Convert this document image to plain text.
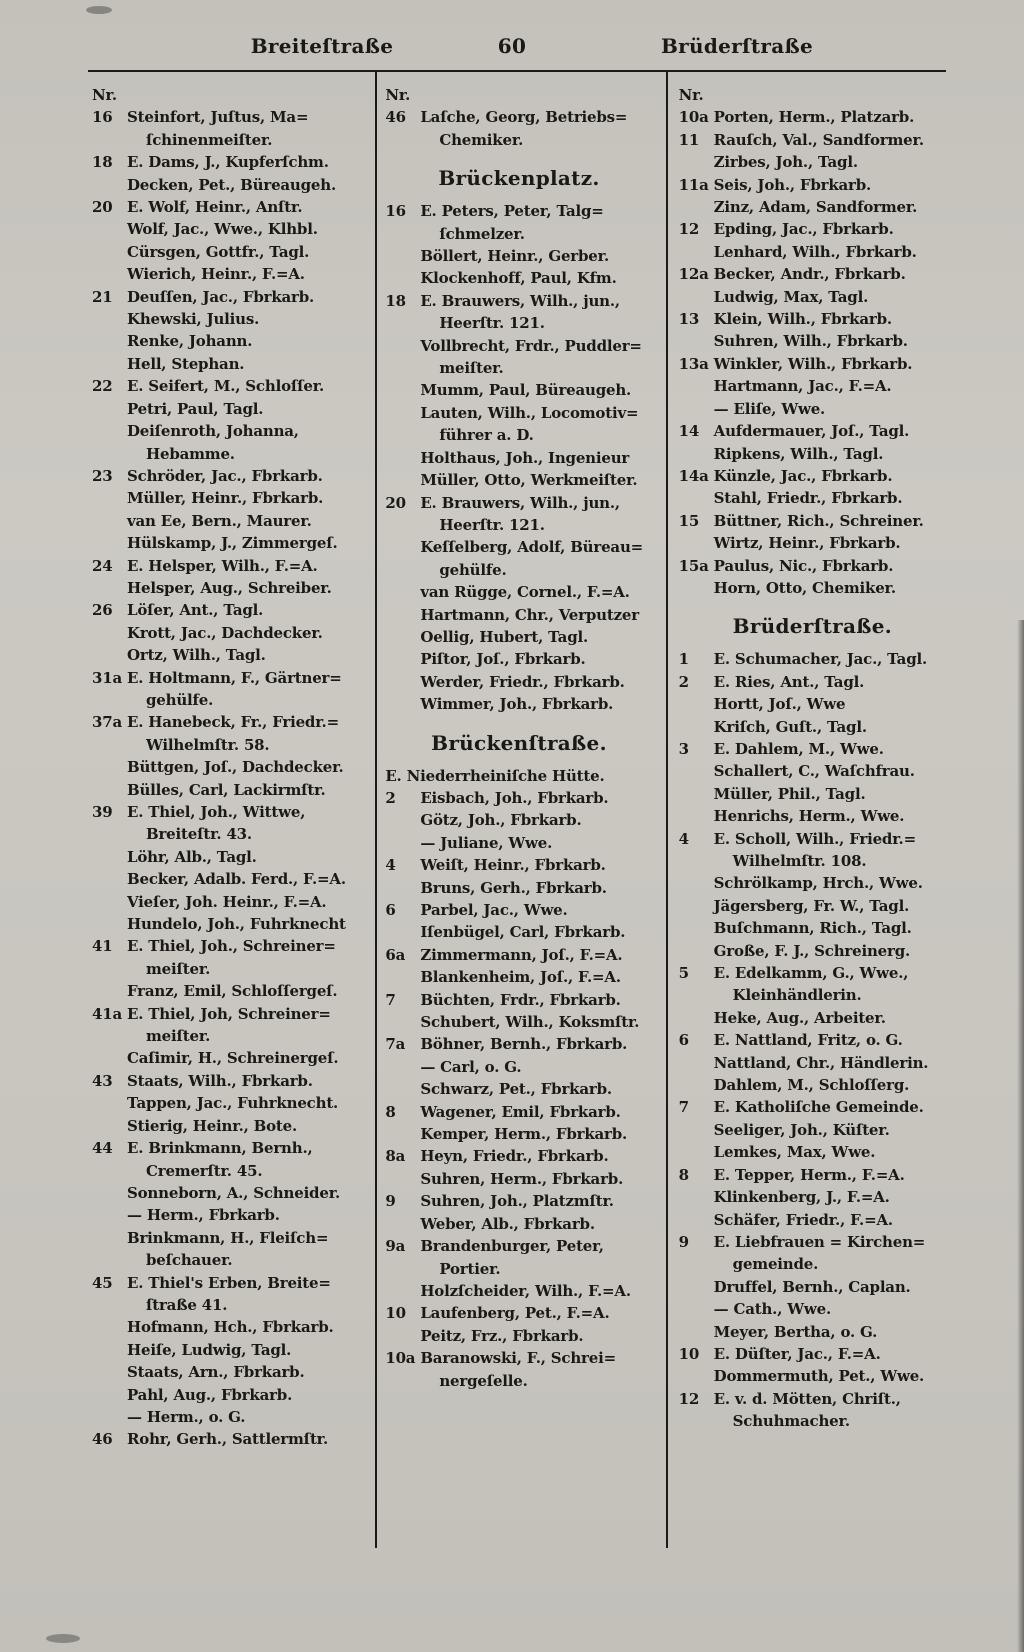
Breiteſtraße	60	Brüderſtraße
Nr.
16 Steinfort, Juſtus, Ma=
ſchinenmeiſter.
18 E. Dams, J., Kupferſchm.
Decken, Pet., Büreaugeh.
20 E. Wolf, Heinr., Anſtr.
Wolf, Jac., Wwe., Klhbl.
Cürsgen, Gottfr., Tagl.
Wierich, Heinr., F.=A.
21 Deuſſen, Jac., Fbrkarb.
Khewski, Julius.
Renke, Johann.
Hell, Stephan.
22 E. Seifert, M., Schloſſer.
Petri, Paul, Tagl.
Deiſenroth, Johanna,
Hebamme.
23 Schröder, Jac., Fbrkarb.
Müller, Heinr., Fbrkarb.
van Ee, Bern., Maurer.
Hülskamp, J., Zimmergeſ.
24 E. Helsper, Wilh., F.=A.
Helsper, Aug., Schreiber.
26 Löſer, Ant., Tagl.
Krott, Jac., Dachdecker.
Ortz, Wilh., Tagl.
31a E. Holtmann, F., Gärtner=
gehülfe.
37a E. Hanebeck, Fr., Friedr.=
Wilhelmſtr. 58.
Büttgen, Joſ., Dachdecker.
Bülles, Carl, Lackirmſtr.
39 E. Thiel, Joh., Wittwe,
Breiteſtr. 43.
Löhr, Alb., Tagl.
Becker, Adalb. Ferd., F.=A.
Vieſer, Joh. Heinr., F.=A.
Hundelo, Joh., Fuhrknecht
41 E. Thiel, Joh., Schreiner=
meiſter.
Franz, Emil, Schloſſergeſ.
41a E. Thiel, Joh, Schreiner=
meiſter.
Caſimir, H., Schreinergeſ.
43 Staats, Wilh., Fbrkarb.
Tappen, Jac., Fuhrknecht.
Stierig, Heinr., Bote.
44 E. Brinkmann, Bernh.,
Cremerſtr. 45.
Sonneborn, A., Schneider.
— Herm., Fbrkarb.
Brinkmann, H., Fleiſch=
beſchauer.
45 E. Thiel's Erben, Breite=
ſtraße 41.
Hofmann, Hch., Fbrkarb.
Heiſe, Ludwig, Tagl.
Staats, Arn., Fbrkarb.
Pahl, Aug., Fbrkarb.
— Herm., o. G.
46 Rohr, Gerh., Sattlermſtr.
Nr.
46 Laſche, Georg, Betriebs=
Chemiker.
Brückenplatz.
16 E. Peters, Peter, Talg=
ſchmelzer.
Böllert, Heinr., Gerber.
Klockenhoff, Paul, Kfm.
18 E. Brauwers, Wilh., jun.,
Heerſtr. 121.
Vollbrecht, Frdr., Puddler=
meiſter.
Mumm, Paul, Büreaugeh.
Lauten, Wilh., Locomotiv=
führer a. D.
Holthaus, Joh., Ingenieur
Müller, Otto, Werkmeiſter.
20 E. Brauwers, Wilh., jun.,
Heerſtr. 121.
Keſſelberg, Adolf, Büreau=
gehülfe.
van Rügge, Cornel., F.=A.
Hartmann, Chr., Verputzer
Oellig, Hubert, Tagl.
Piſtor, Joſ., Fbrkarb.
Werder, Friedr., Fbrkarb.
Wimmer, Joh., Fbrkarb.
Brückenſtraße.
E. Niederrheiniſche Hütte.
2 Eisbach, Joh., Fbrkarb.
Götz, Joh., Fbrkarb.
— Juliane, Wwe.
4 Weiſt, Heinr., Fbrkarb.
Bruns, Gerh., Fbrkarb.
6 Parbel, Jac., Wwe.
Iſenbügel, Carl, Fbrkarb.
6a Zimmermann, Joſ., F.=A.
Blankenheim, Joſ., F.=A.
7 Büchten, Frdr., Fbrkarb.
Schubert, Wilh., Koksmſtr.
7a Böhner, Bernh., Fbrkarb.
— Carl, o. G.
Schwarz, Pet., Fbrkarb.
8 Wagener, Emil, Fbrkarb.
Kemper, Herm., Fbrkarb.
8a Heyn, Friedr., Fbrkarb.
Suhren, Herm., Fbrkarb.
9 Suhren, Joh., Platzmſtr.
Weber, Alb., Fbrkarb.
9a Brandenburger, Peter,
Portier.
Holzſcheider, Wilh., F.=A.
10 Laufenberg, Pet., F.=A.
Peitz, Frz., Fbrkarb.
10a Baranowski, F., Schrei=
nergeſelle.
Nr.
10a Porten, Herm., Platzarb.
11 Rauſch, Val., Sandformer.
Zirbes, Joh., Tagl.
11a Seis, Joh., Fbrkarb.
Zinz, Adam, Sandformer.
12 Epding, Jac., Fbrkarb.
Lenhard, Wilh., Fbrkarb.
12a Becker, Andr., Fbrkarb.
Ludwig, Max, Tagl.
13 Klein, Wilh., Fbrkarb.
Suhren, Wilh., Fbrkarb.
13a Winkler, Wilh., Fbrkarb.
Hartmann, Jac., F.=A.
— Eliſe, Wwe.
14 Aufdermauer, Joſ., Tagl.
Ripkens, Wilh., Tagl.
14a Künzle, Jac., Fbrkarb.
Stahl, Friedr., Fbrkarb.
15 Büttner, Rich., Schreiner.
Wirtz, Heinr., Fbrkarb.
15a Paulus, Nic., Fbrkarb.
Horn, Otto, Chemiker.
Brüderſtraße.
1 E. Schumacher, Jac., Tagl.
2 E. Ries, Ant., Tagl.
Hortt, Joſ., Wwe
Kriſch, Guſt., Tagl.
3 E. Dahlem, M., Wwe.
Schallert, C., Waſchfrau.
Müller, Phil., Tagl.
Henrichs, Herm., Wwe.
4 E. Scholl, Wilh., Friedr.=
Wilhelmſtr. 108.
Schrölkamp, Hrch., Wwe.
Jägersberg, Fr. W., Tagl.
Buſchmann, Rich., Tagl.
Große, F. J., Schreinerg.
5 E. Edelkamm, G., Wwe.,
Kleinhändlerin.
Heke, Aug., Arbeiter.
6 E. Nattland, Fritz, o. G.
Nattland, Chr., Händlerin.
Dahlem, M., Schloſſerg.
7 E. Katholiſche Gemeinde.
Seeliger, Joh., Küſter.
Lemkes, Max, Wwe.
8 E. Tepper, Herm., F.=A.
Klinkenberg, J., F.=A.
Schäfer, Friedr., F.=A.
9 E. Liebfrauen = Kirchen=
gemeinde.
Druffel, Bernh., Caplan.
— Cath., Wwe.
Meyer, Bertha, o. G.
10 E. Düſter, Jac., F.=A.
Dommermuth, Pet., Wwe.
12 E. v. d. Mötten, Chriſt.,
Schuhmacher.
